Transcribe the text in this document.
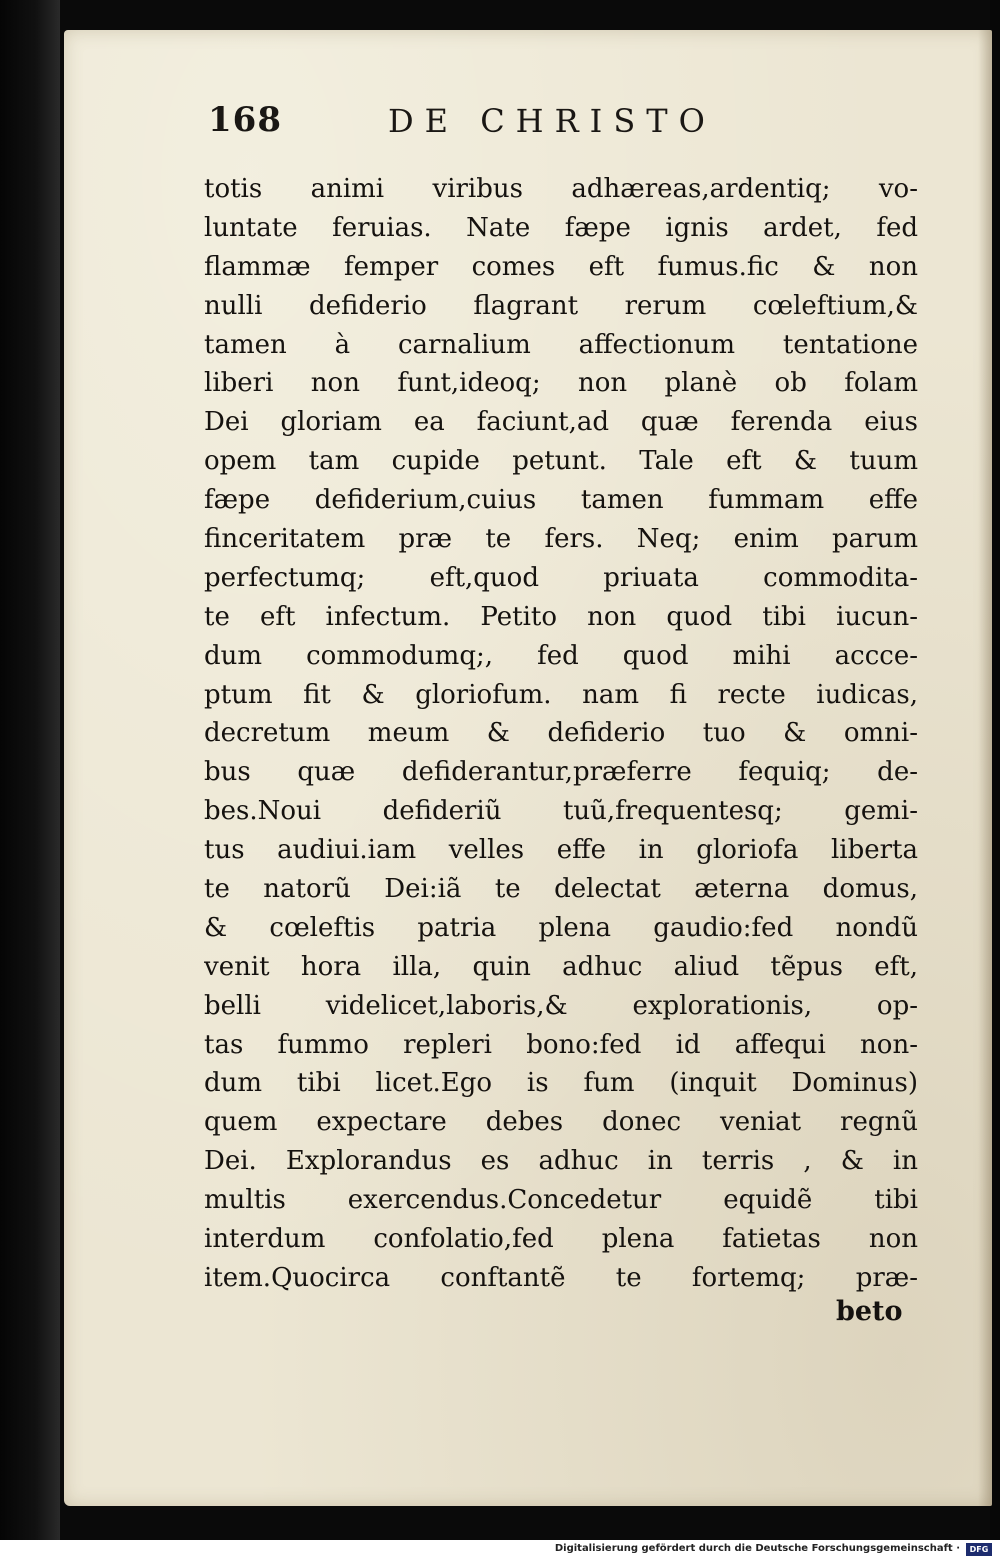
168	DE CHRISTO
totis animi viribus adhæreas,ardentiq; vo-
luntate feruias. Nate fæpe ignis ardet, fed
flammæ femper comes eft fumus.fic & non
nulli defiderio flagrant rerum cœleftium,&
tamen à carnalium affectionum tentatione
liberi non funt,ideoq; non planè ob folam
Dei gloriam ea faciunt,ad quæ ferenda eius
opem tam cupide petunt. Tale eft & tuum
fæpe defiderium,cuius tamen fummam effe
finceritatem præ te fers. Neq; enim parum
perfectumq; eft,quod priuata commodita-
te eft infectum. Petito non quod tibi iucun-
dum commodumq;, fed quod mihi accce-
ptum fit & gloriofum. nam fi recte iudicas,
decretum meum & defiderio tuo & omni-
bus quæ defiderantur,præferre fequiq; de-
bes.Noui defideriũ tuũ,frequentesq; gemi-
tus audiui.iam velles effe in gloriofa liberta
te natorũ Dei:iã te delectat æterna domus,
& cœleftis patria plena gaudio:fed nondũ
venit hora illa, quin adhuc aliud tẽpus eft,
belli videlicet,laboris,& explorationis, op-
tas fummo repleri bono:fed id affequi non-
dum tibi licet.Ego is fum (inquit Dominus)
quem expectare debes donec veniat regnũ
Dei. Explorandus es adhuc in terris , & in
multis exercendus.Concedetur equidẽ tibi
interdum confolatio,fed plena fatietas non
item.Quocirca conftantẽ te fortemq; præ-
beto
Digitalisierung gefördert durch die Deutsche Forschungsgemeinschaft ·	DFG
